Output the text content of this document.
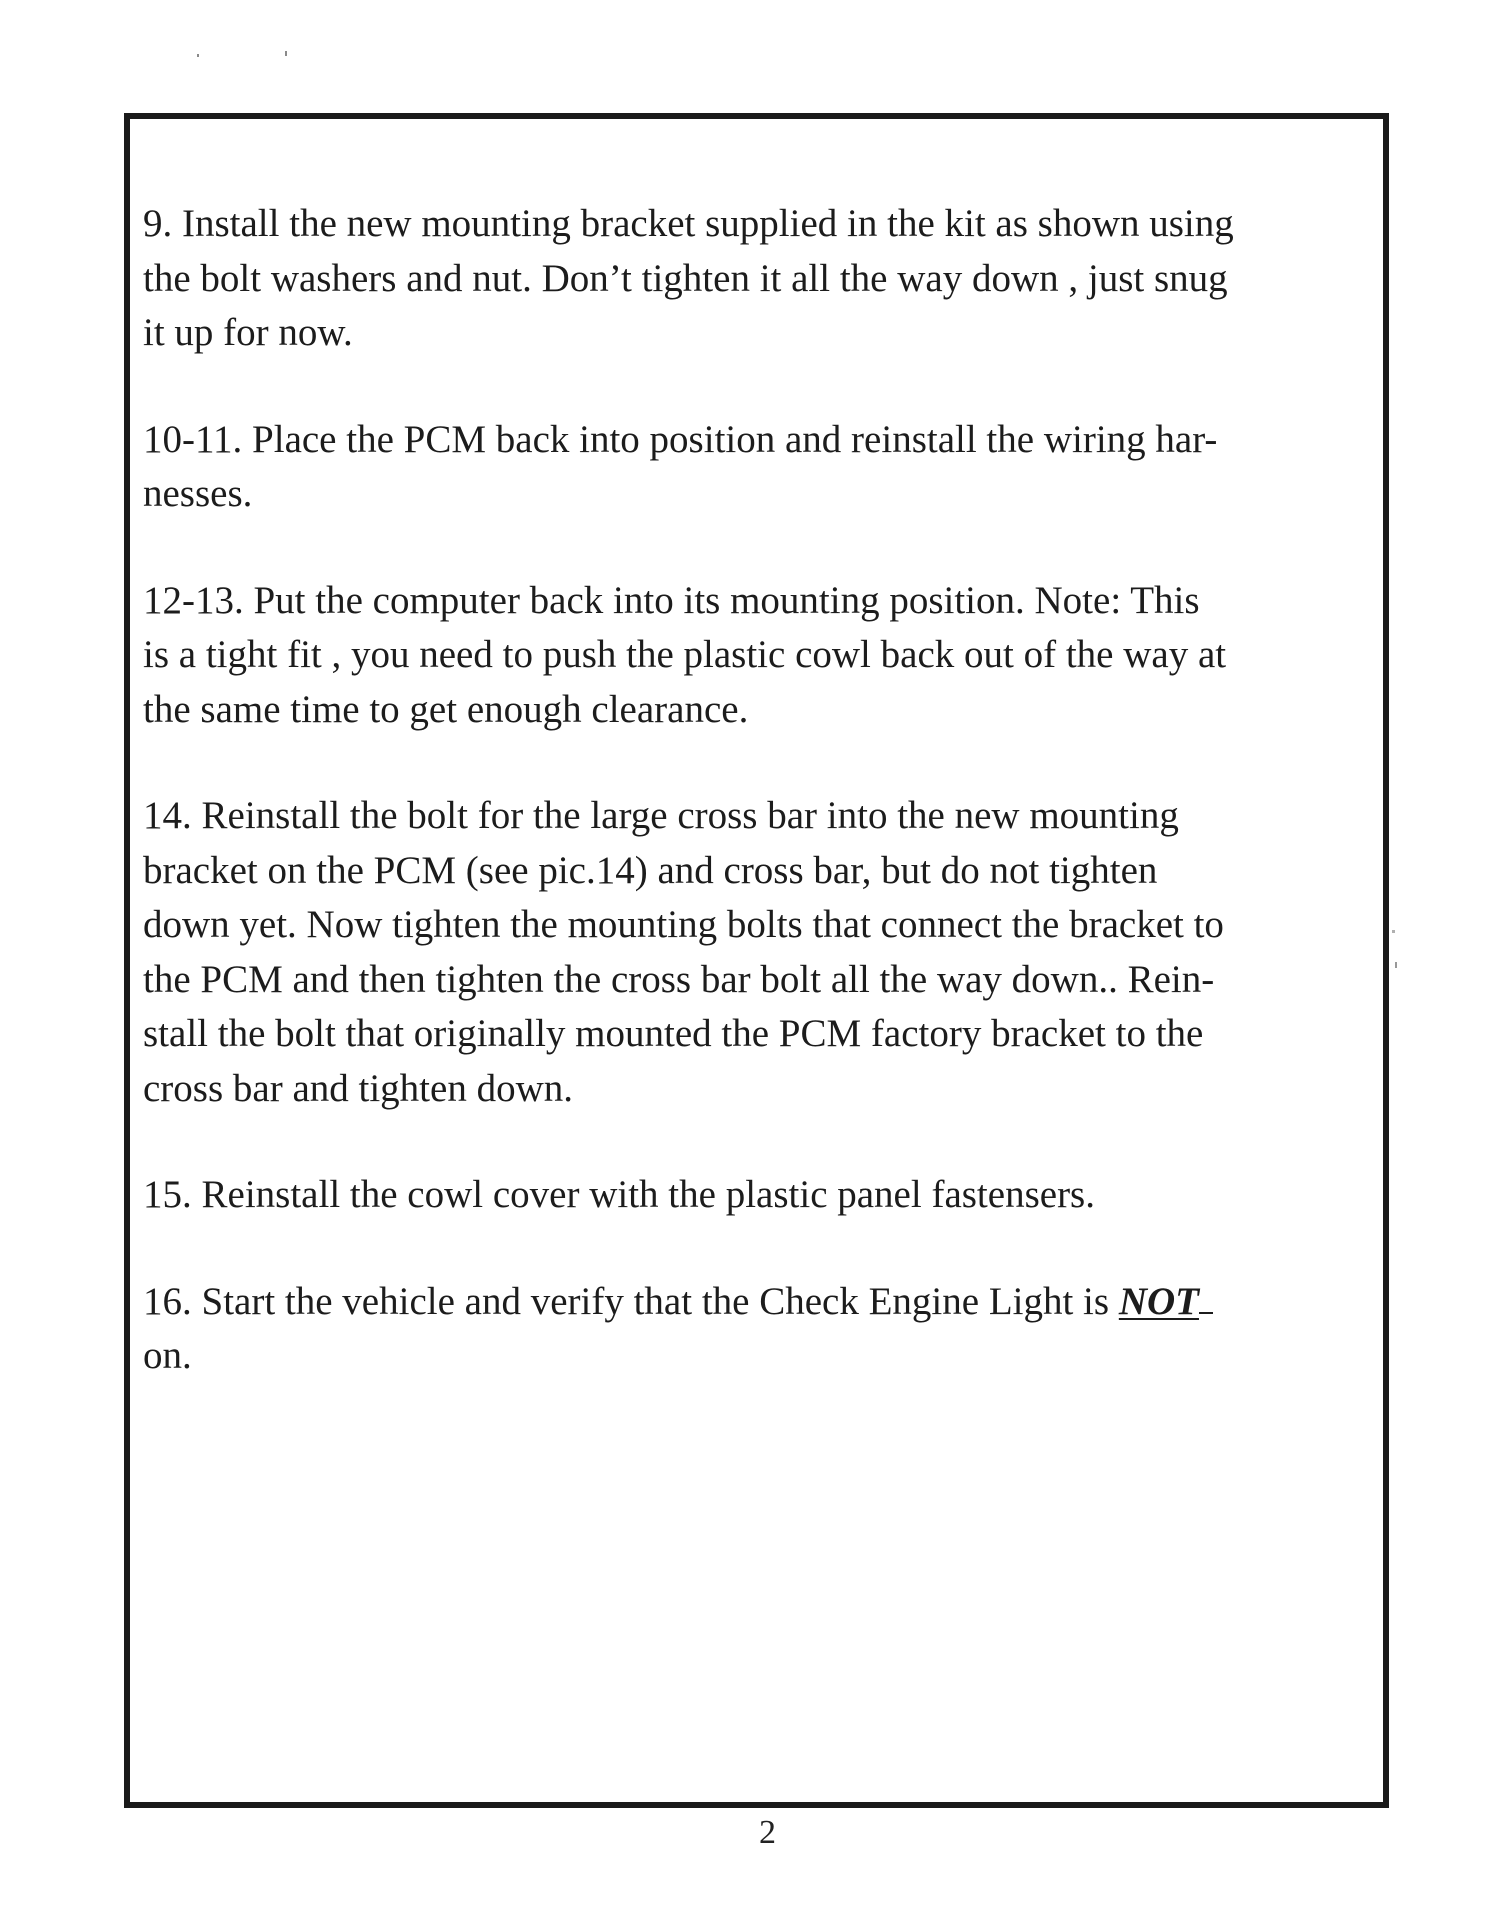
9. Install the new mounting bracket supplied in the kit as shown using
the bolt washers and nut. Don’t tighten it all the way down , just snug
it up for now.
10-11. Place the PCM back into position and reinstall the wiring har-
nesses.
12-13. Put the computer back into its mounting position. Note: This
is a tight fit , you need to push the plastic cowl back out of the way at
the same time to get enough clearance.
14. Reinstall the bolt for the large cross bar into the new mounting
bracket on the PCM (see pic.14) and cross bar, but do not tighten
down yet. Now tighten the mounting bolts that connect the bracket to
the PCM and then tighten the cross bar bolt all the way down.. Rein-
stall the bolt that originally mounted the PCM factory bracket to the
cross bar and tighten down.
15. Reinstall the cowl cover with the plastic panel fastensers.
16. Start the vehicle and verify that the Check Engine Light is NOT
on.
2
